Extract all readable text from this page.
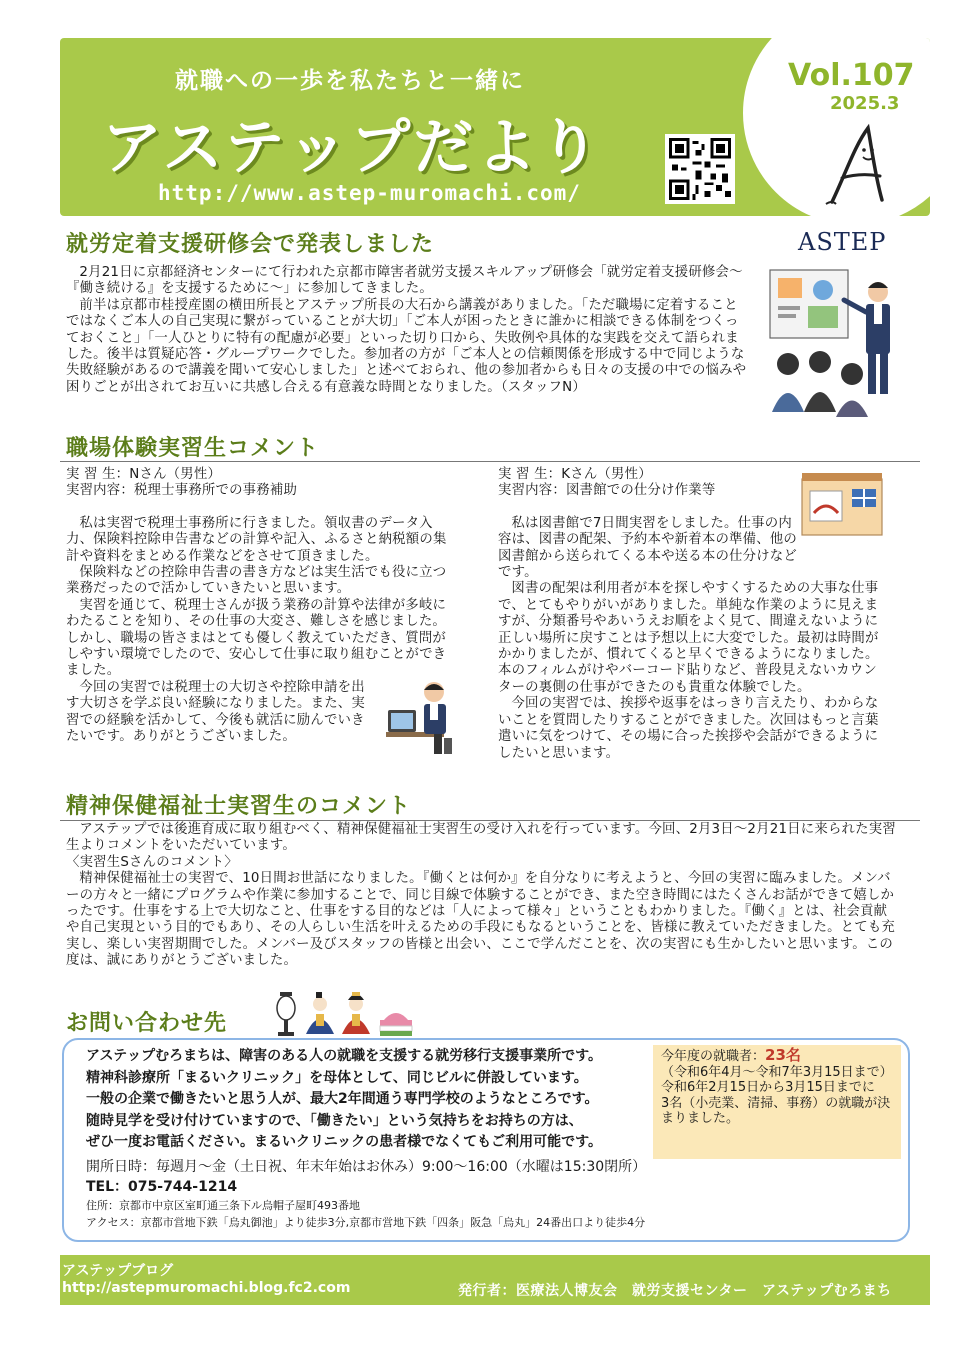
就職への一歩を私たちと一緒に
アステップだより
http://www.astep-muromachi.com/
Vol.107
2025.3
就労定着支援研修会で発表しました	ASTEP

2月21日に京都経済センターにて行われた京都市障害者就労支援スキルアップ研修会「就労定着支援研修会〜『働き続ける』を支援するために〜」に参加してきました。

前半は京都市桂授産園の横田所長とアステップ所長の大石から講義がありました。「ただ職場に定着することではなくご本人の自己実現に繋がっていることが大切」「ご本人が困ったときに誰かに相談できる体制をつくっておくこと」「一人ひとりに特有の配慮が必要」といった切り口から、失敗例や具体的な実践を交えて語られました。後半は質疑応答・グループワークでした。参加者の方が「ご本人との信頼関係を形成する中で同じような失敗経験があるので講義を聞いて安心しました」と述べておられ、他の参加者からも日々の支援の中での悩みや困りごとが出されてお互いに共感し合える有意義な時間となりました。（スタッフN）

職場体験実習生コメント
実 習 生：Nさん（男性）
実習内容：税理士事務所での事務補助

私は実習で税理士事務所に行きました。領収書のデータ入力、保険料控除申告書などの計算や記入、ふるさと納税額の集計や資料をまとめる作業などをさせて頂きました。

保険料などの控除申告書の書き方などは実生活でも役に立つ業務だったので活かしていきたいと思います。

実習を通じて、税理士さんが扱う業務の計算や法律が多岐にわたることを知り、その仕事の大変さ、難しさを感じました。しかし、職場の皆さまはとても優しく教えていただき、質問がしやすい環境でしたので、安心して仕事に取り組むことができました。

今回の実習では税理士の大切さや控除申請を出す大切さを学ぶ良い経験になりました。また、実習での経験を活かして、今後も就活に励んでいきたいです。ありがとうございました。

実 習 生：Kさん（男性）
実習内容：図書館での仕分け作業等

私は図書館で7日間実習をしました。仕事の内容は、図書の配架、予約本や新着本の準備、他の図書館から送られてくる本や送る本の仕分けなどです。

図書の配架は利用者が本を探しやすくするための大事な仕事で、とてもやりがいがありました。単純な作業のように見えますが、分類番号やあいうえお順をよく見て、間違えないように正しい場所に戻すことは予想以上に大変でした。最初は時間がかかりましたが、慣れてくると早くできるようになりました。本のフィルムがけやバーコード貼りなど、普段見えないカウンターの裏側の仕事ができたのも貴重な体験でした。

今回の実習では、挨拶や返事をはっきり言えたり、わからないことを質問したりすることができました。次回はもっと言葉遣いに気をつけて、その場に合った挨拶や会話ができるようにしたいと思います。

精神保健福祉士実習生のコメント

アステップでは後進育成に取り組むべく、精神保健福祉士実習生の受け入れを行っています。今回、2月3日〜2月21日に来られた実習生よりコメントをいただいています。

〈実習生Sさんのコメント〉

精神保健福祉士の実習で、10日間お世話になりました。『働くとは何か』を自分なりに考えようと、今回の実習に臨みました。メンバーの方々と一緒にプログラムや作業に参加することで、同じ目線で体験することができ、また空き時間にはたくさんお話ができて嬉しかったです。仕事をする上で大切なこと、仕事をする目的などは「人によって様々」ということもわかりました。『働く』とは、社会貢献や自己実現という目的でもあり、その人らしい生活を叶えるための手段にもなるということを、皆様に教えていただきました。とても充実し、楽しい実習期間でした。メンバー及びスタッフの皆様と出会い、ここで学んだことを、次の実習にも生かしたいと思います。この度は、誠にありがとうございました。

お問い合わせ先
アステップむろまちは、障害のある人の就職を支援する就労移行支援事業所です。
精神科診療所「まるいクリニック」を母体として、同じビルに併設しています。
一般の企業で働きたいと思う人が、最大2年間通う専門学校のようなところです。
随時見学を受け付けていますので、「働きたい」という気持ちをお持ちの方は、
ぜひ一度お電話ください。まるいクリニックの患者様でなくてもご利用可能です。
今年度の就職者：23名
（令和6年4月〜令和7年3月15日まで）
令和6年2月15日から3月15日までに　3名（小売業、清掃、事務）の就職が決まりました。
開所日時：毎週月〜金（土日祝、年末年始はお休み）9:00〜16:00（水曜は15:30閉所）
TEL：075-744-1214
住所：京都市中京区室町通三条下ル烏帽子屋町493番地
アクセス：京都市営地下鉄「烏丸御池」より徒歩3分,京都市営地下鉄「四条」阪急「烏丸」24番出口より徒歩4分
アステップブログ
http://astepmuromachi.blog.fc2.com	発行者：医療法人博友会　就労支援センター　アステップむろまち
